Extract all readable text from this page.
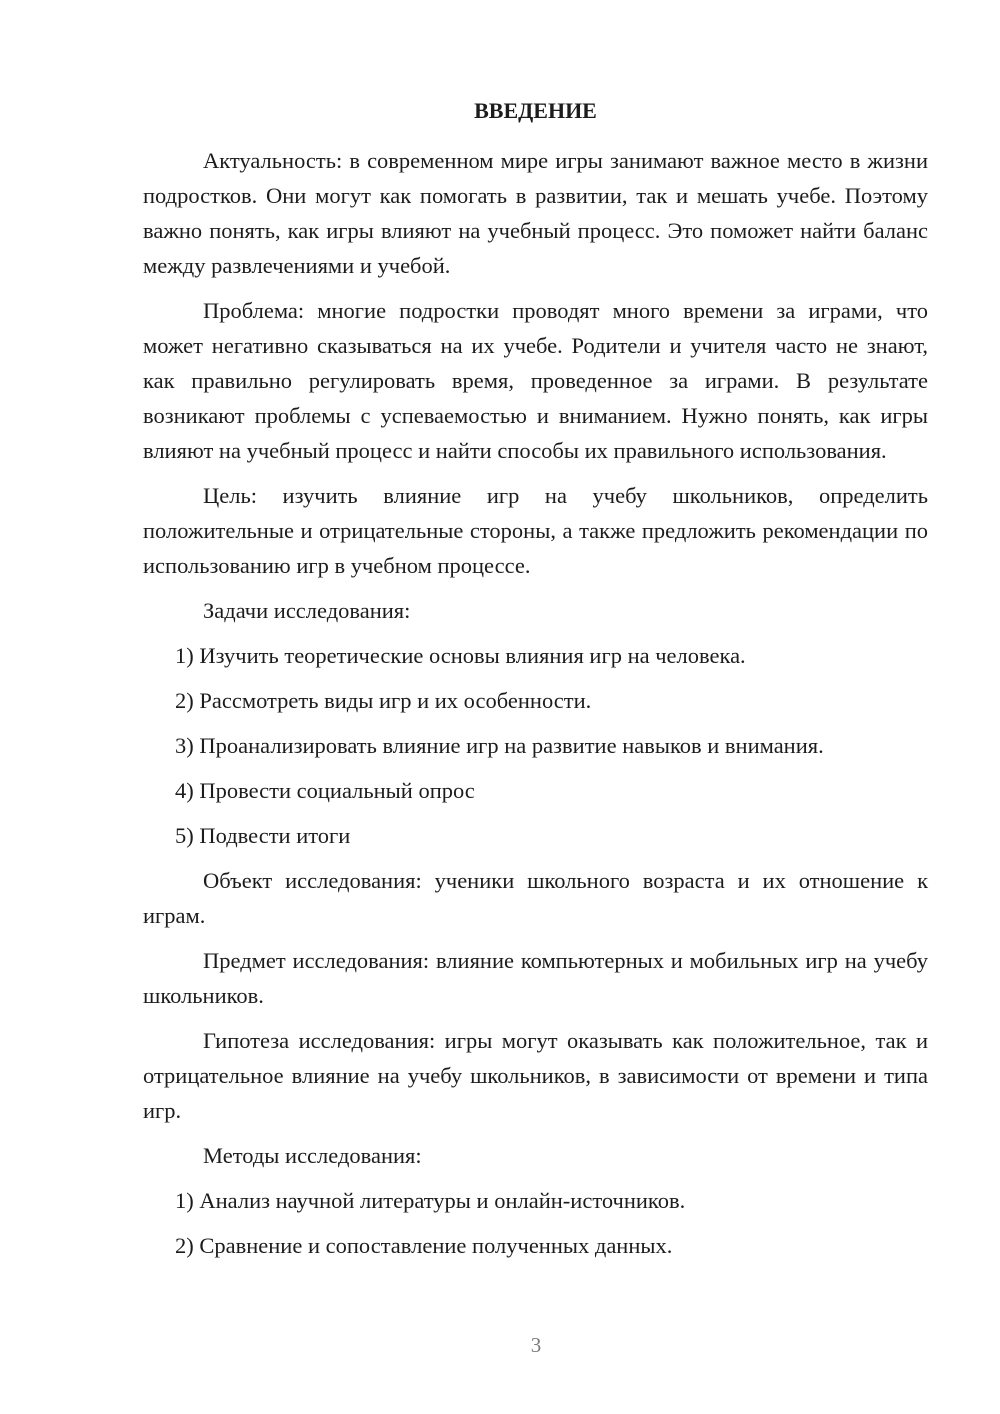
ВВЕДЕНИЕ

Актуальность: в современном мире игры занимают важное место в жизни подростков. Они могут как помогать в развитии, так и мешать учебе. Поэтому важно понять, как игры влияют на учебный процесс. Это поможет найти баланс между развлечениями и учебой.

Проблема: многие подростки проводят много времени за играми, что может негативно сказываться на их учебе. Родители и учителя часто не знают, как правильно регулировать время, проведенное за играми. В результате возникают проблемы с успеваемостью и вниманием. Нужно понять, как игры влияют на учебный процесс и найти способы их правильного использования.

Цель: изучить влияние игр на учебу школьников, определить положительные и отрицательные стороны, а также предложить рекомендации по использованию игр в учебном процессе.

Задачи исследования:

1) Изучить теоретические основы влияния игр на человека.
2) Рассмотреть виды игр и их особенности.
3) Проанализировать влияние игр на развитие навыков и внимания.
4) Провести социальный опрос
5) Подвести итоги

Объект исследования: ученики школьного возраста и их отношение к играм.

Предмет исследования: влияние компьютерных и мобильных игр на учебу школьников.

Гипотеза исследования: игры могут оказывать как положительное, так и отрицательное влияние на учебу школьников, в зависимости от времени и типа игр.

Методы исследования:

1) Анализ научной литературы и онлайн-источников.
2) Сравнение и сопоставление полученных данных.
3
